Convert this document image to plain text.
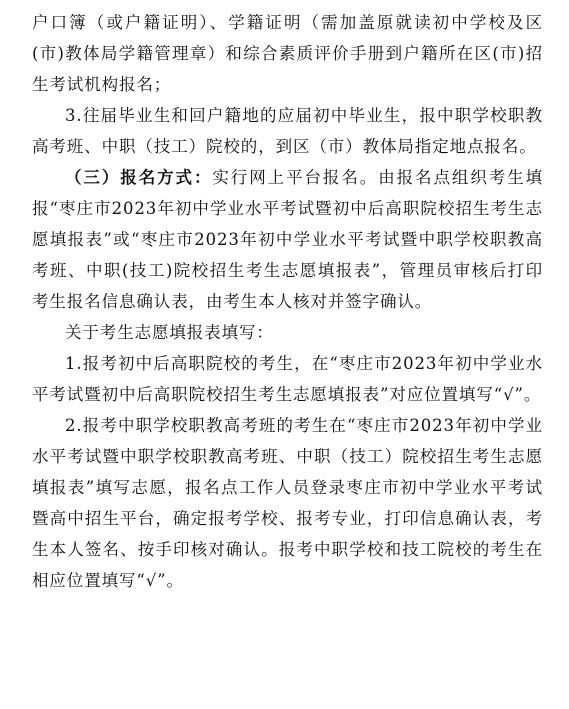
户口簿（或户籍证明）、学籍证明（需加盖原就读初中学校及区(市)教体局学籍管理章）和综合素质评价手册到户籍所在区(市)招生考试机构报名；

3.往届毕业生和回户籍地的应届初中毕业生，报中职学校职教高考班、中职（技工）院校的，到区（市）教体局指定地点报名。

（三）报名方式：实行网上平台报名。由报名点组织考生填报“枣庄市2023年初中学业水平考试暨初中后高职院校招生考生志愿填报表”或“枣庄市2023年初中学业水平考试暨中职学校职教高考班、中职(技工)院校招生考生志愿填报表”，管理员审核后打印考生报名信息确认表，由考生本人核对并签字确认。

关于考生志愿填报表填写：

1.报考初中后高职院校的考生，在“枣庄市2023年初中学业水平考试暨初中后高职院校招生考生志愿填报表”对应位置填写“√”。

2.报考中职学校职教高考班的考生在“枣庄市2023年初中学业水平考试暨中职学校职教高考班、中职（技工）院校招生考生志愿填报表”填写志愿，报名点工作人员登录枣庄市初中学业水平考试暨高中招生平台，确定报考学校、报考专业，打印信息确认表，考生本人签名、按手印核对确认。报考中职学校和技工院校的考生在相应位置填写“√”。
